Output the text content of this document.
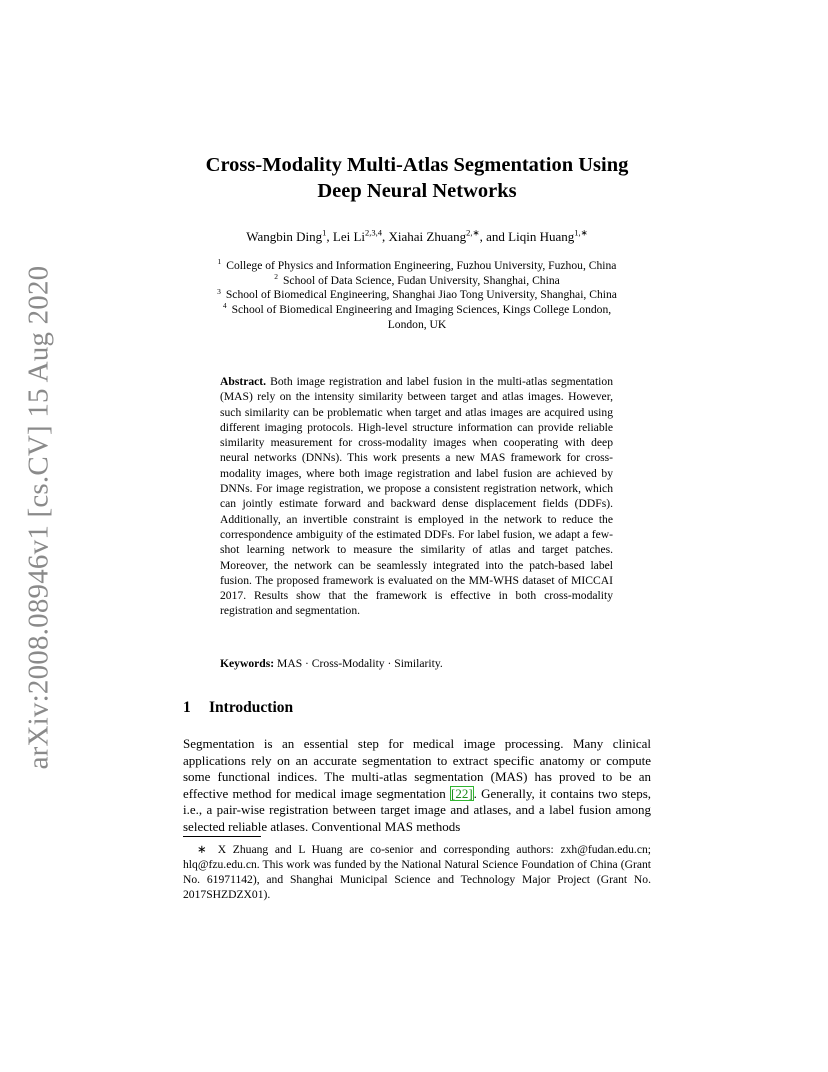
arXiv:2008.08946v1 [cs.CV] 15 Aug 2020
Cross-Modality Multi-Atlas Segmentation Using
Deep Neural Networks
Wangbin Ding$^1$, Lei Li$^{2,3,4}$, Xiahai Zhuang$^{2,∗}$, and Liqin Huang$^{1,∗}$
$^1$ College of Physics and Information Engineering, Fuzhou University, Fuzhou, China
$^2$ School of Data Science, Fudan University, Shanghai, China
$^3$ School of Biomedical Engineering, Shanghai Jiao Tong University, Shanghai, China
$^4$ School of Biomedical Engineering and Imaging Sciences, Kings College London,
London, UK
Abstract. Both image registration and label fusion in the multi-atlas segmentation (MAS) rely on the intensity similarity between target and atlas images. However, such similarity can be problematic when target and atlas images are acquired using different imaging protocols. High-level structure information can provide reliable similarity measurement for cross-modality images when cooperating with deep neural networks (DNNs). This work presents a new MAS framework for cross-modality images, where both image registration and label fusion are achieved by DNNs. For image registration, we propose a consistent registration network, which can jointly estimate forward and backward dense displacement fields (DDFs). Additionally, an invertible constraint is employed in the network to reduce the correspondence ambiguity of the estimated DDFs. For label fusion, we adapt a few-shot learning network to measure the similarity of atlas and target patches. Moreover, the network can be seamlessly integrated into the patch-based label fusion. The proposed framework is evaluated on the MM-WHS dataset of MICCAI 2017. Results show that the framework is effective in both cross-modality registration and segmentation.
Keywords: MAS · Cross-Modality · Similarity.
1 Introduction

Segmentation is an essential step for medical image processing. Many clinical applications rely on an accurate segmentation to extract specific anatomy or compute some functional indices. The multi-atlas segmentation (MAS) has proved to be an effective method for medical image segmentation [22]. Generally, it contains two steps, i.e., a pair-wise registration between target image and atlases, and a label fusion among selected reliable atlases. Conventional MAS methods

∗ X Zhuang and L Huang are co-senior and corresponding authors: zxh@fudan.edu.cn; hlq@fzu.edu.cn. This work was funded by the National Natural Science Foundation of China (Grant No. 61971142), and Shanghai Municipal Science and Technology Major Project (Grant No. 2017SHZDZX01).
